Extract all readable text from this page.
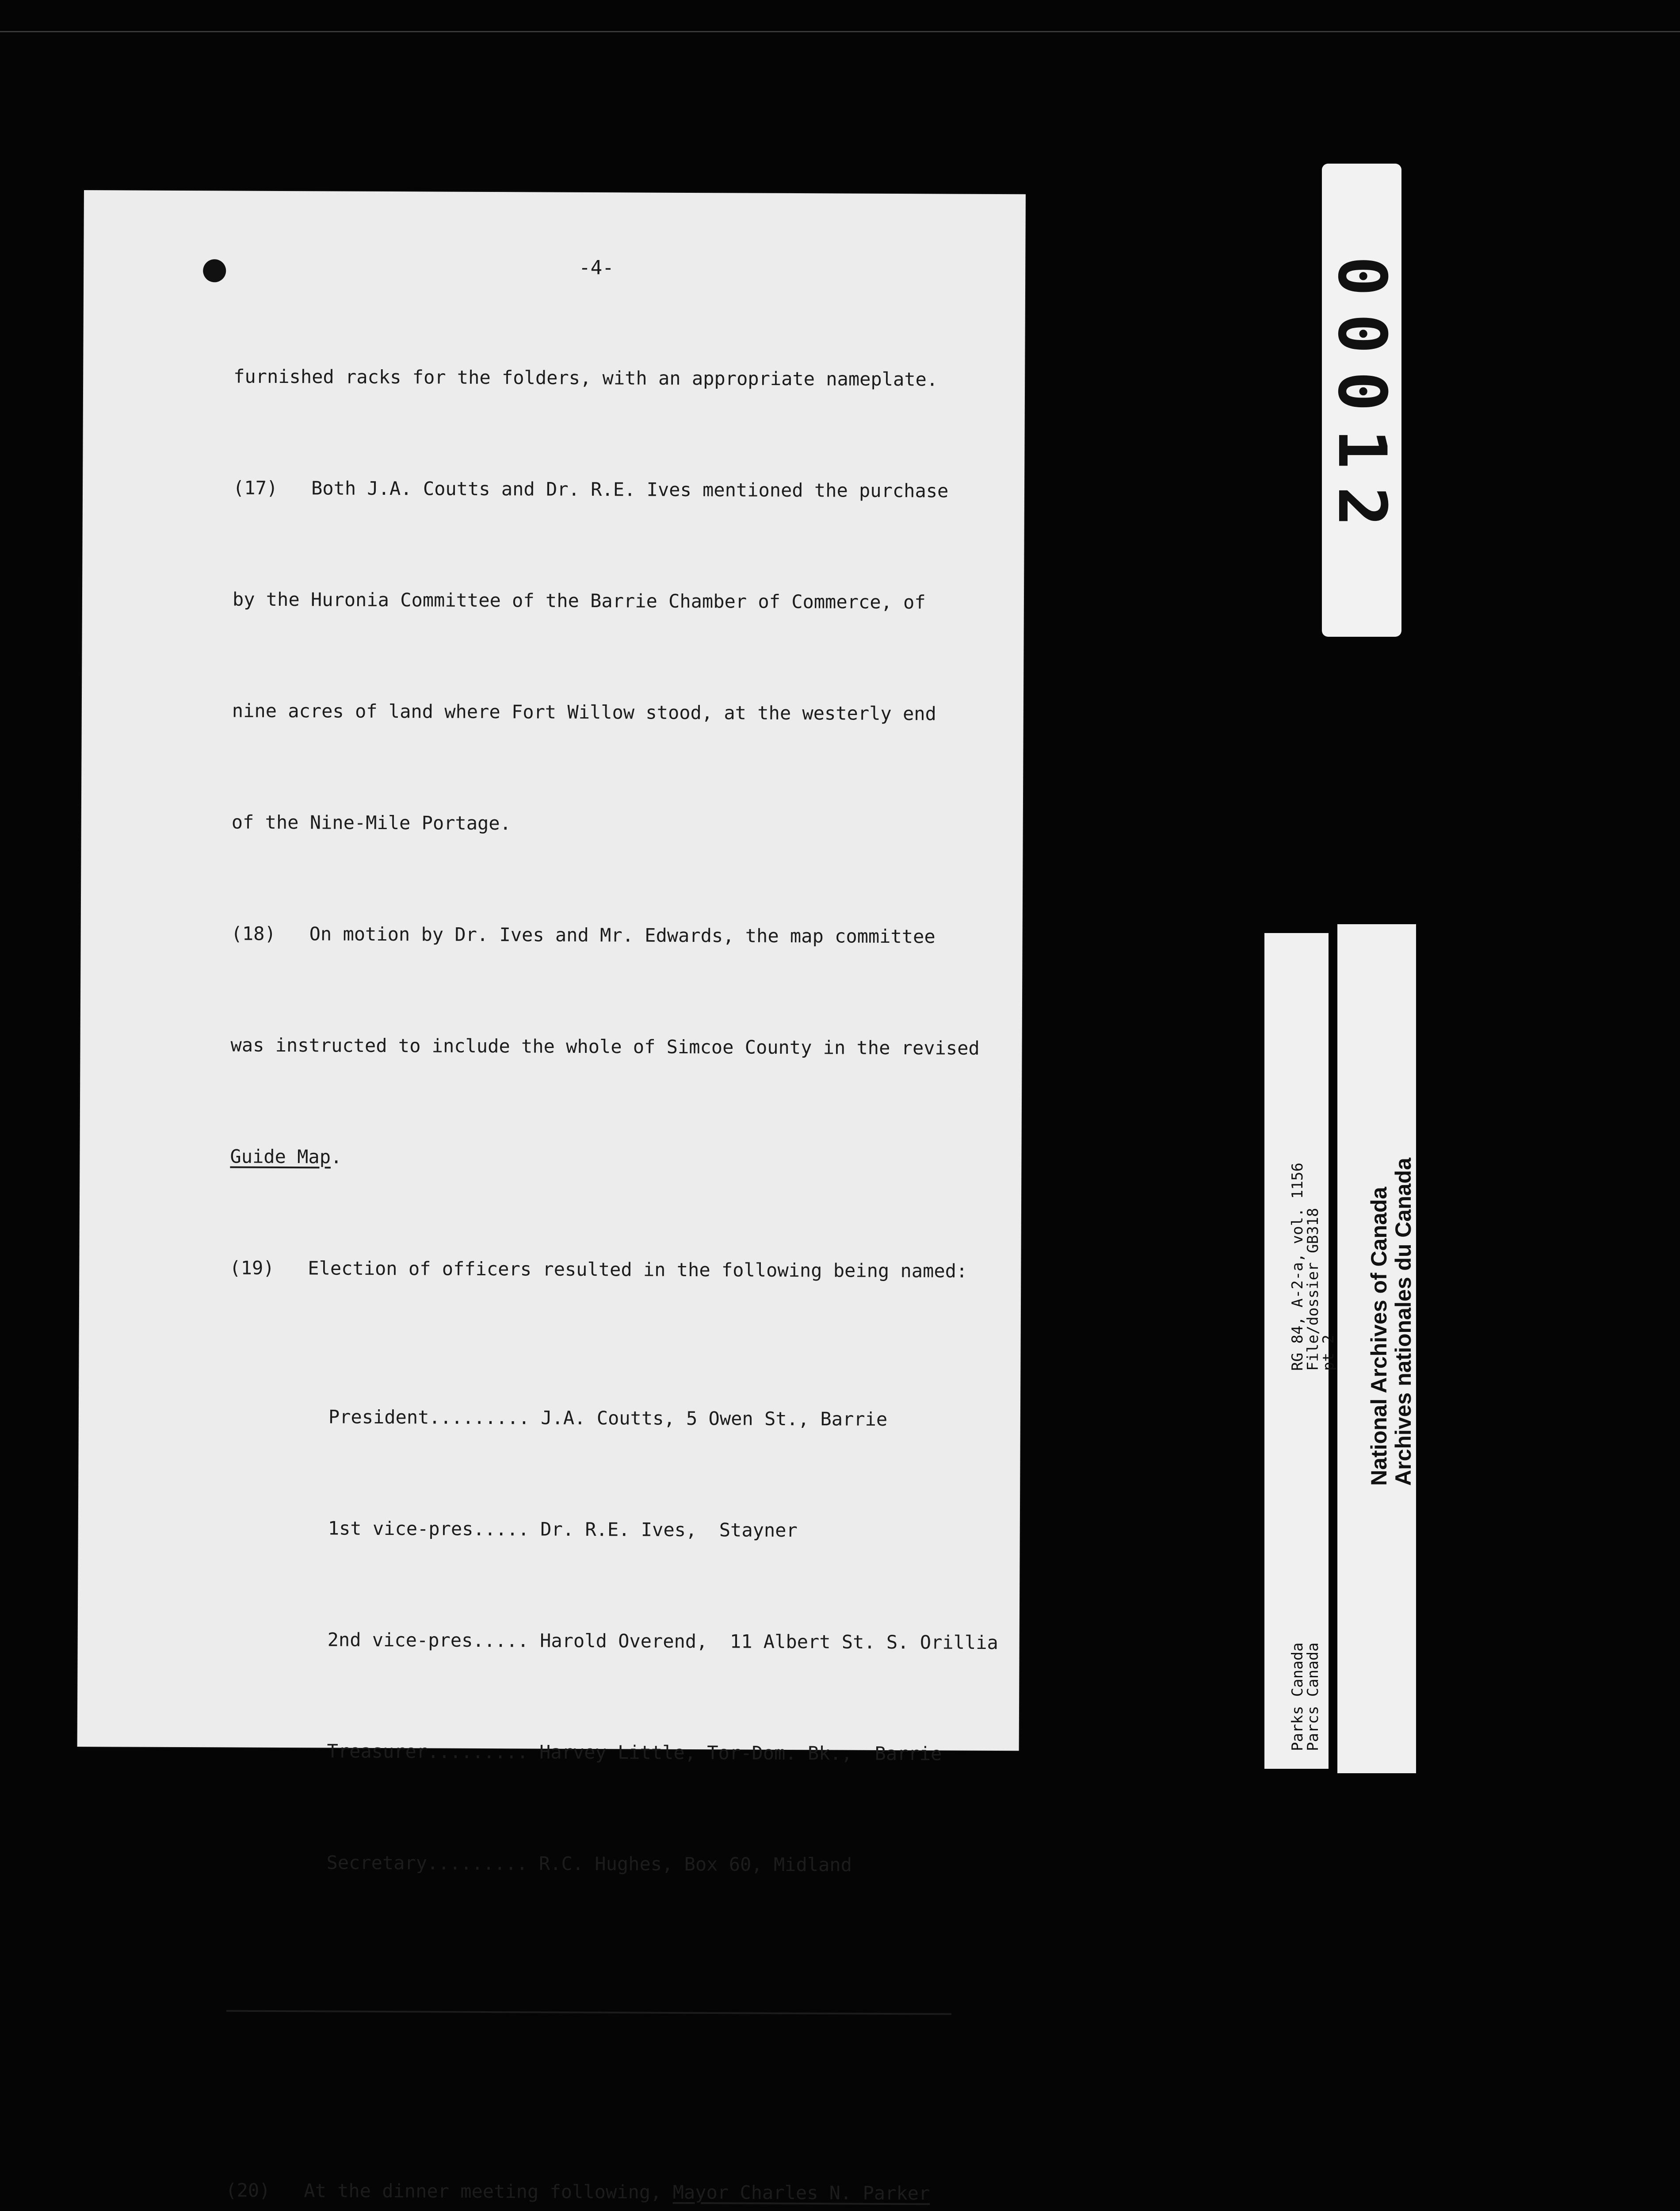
-4-

furnished racks for the folders, with an appropriate nameplate.

(17)   Both J.A. Coutts and Dr. R.E. Ives mentioned the purchase

by the Huronia Committee of the Barrie Chamber of Commerce, of

nine acres of land where Fort Willow stood, at the westerly end

of the Nine-Mile Portage.

(18)   On motion by Dr. Ives and Mr. Edwards, the map committee

was instructed to include the whole of Simcoe County in the revised

Guide Map.

(19)   Election of officers resulted in the following being named:

President......... J.A. Coutts, 5 Owen St., Barrie

1st vice-pres..... Dr. R.E. Ives,  Stayner

2nd vice-pres..... Harold Overend,  11 Albert St. S. Orillia

Treasurer......... Harvey Little, Tor-Dom. Bk.,  Barrie

Secretary......... R.C. Hughes, Box 60, Midland

(20)   At the dinner meeting following, Mayor Charles N. Parker

00012
RG 84, A-2-a, vol. 1156
File/dossier GB318
pt 2
Parks Canada
Parcs Canada
National Archives of Canada Archives nationales du Canada
